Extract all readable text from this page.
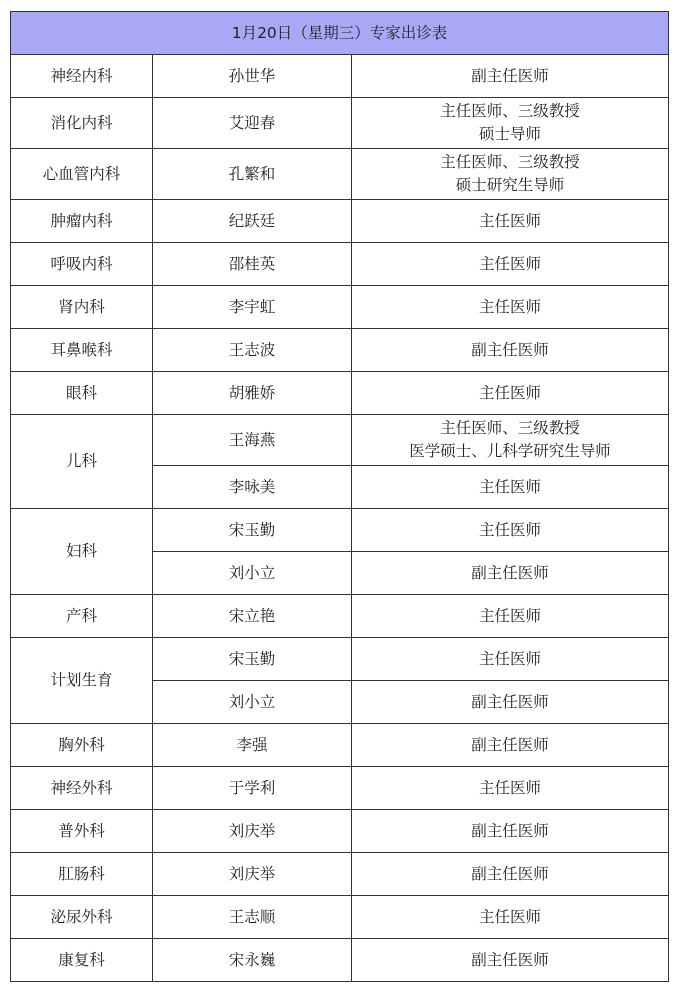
1月20日（星期三）专家出诊表		
神经内科	孙世华	副主任医师

消化内科	艾迎春	主任医师、三级教授
硕士导师

心血管内科	孔繁和	主任医师、三级教授
硕士研究生导师

肿瘤内科	纪跃廷	主任医师

呼吸内科	邵桂英	主任医师

肾内科	李宇虹	主任医师

耳鼻喉科	王志波	副主任医师

眼科	胡雅娇	主任医师

儿科	王海燕	主任医师、三级教授
医学硕士、儿科学研究生导师

	李咏美	主任医师

妇科	宋玉勤	主任医师

	刘小立	副主任医师

产科	宋立艳	主任医师

计划生育	宋玉勤	主任医师

	刘小立	副主任医师

胸外科	李强	副主任医师

神经外科	于学利	主任医师

普外科	刘庆举	副主任医师

肛肠科	刘庆举	副主任医师

泌尿外科	王志顺	主任医师

康复科	宋永巍	副主任医师
